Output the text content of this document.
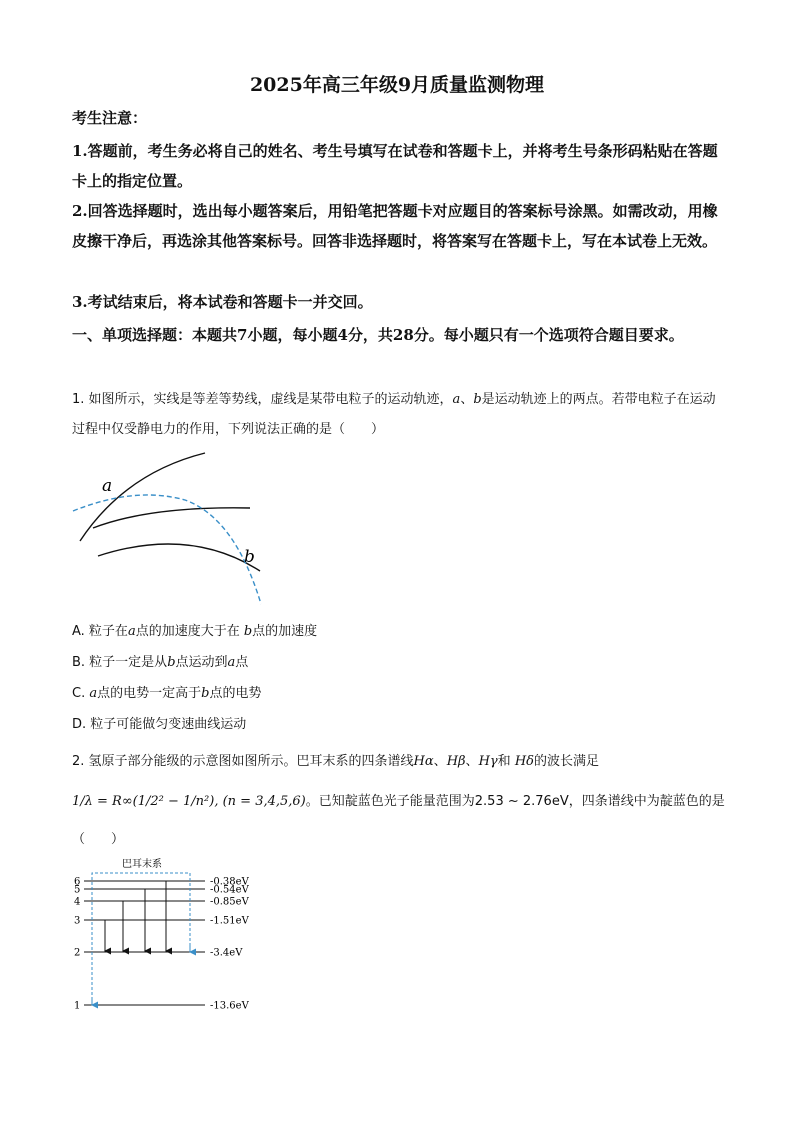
2025年高三年级9月质量监测物理
考生注意：
1.答题前，考生务必将自己的姓名、考生号填写在试卷和答题卡上，并将考生号条形码粘贴在答题卡上的指定位置。
2.回答选择题时，选出每小题答案后，用铅笔把答题卡对应题目的答案标号涂黑。如需改动，用橡皮擦干净后，再选涂其他答案标号。回答非选择题时，将答案写在答题卡上，写在本试卷上无效。
3.考试结束后，将本试卷和答题卡一并交回。
一、单项选择题：本题共7小题，每小题4分，共28分。每小题只有一个选项符合题目要求。
1. 如图所示，实线是等差等势线，虚线是某带电粒子的运动轨迹，a、b是运动轨迹上的两点。若带电粒子在运动过程中仅受静电力的作用，下列说法正确的是（　　）
a
b
A. 粒子在a点的加速度大于在 b点的加速度
B. 粒子一定是从b点运动到a点
C. a点的电势一定高于b点的电势
D. 粒子可能做匀变速曲线运动
2. 氢原子部分能级的示意图如图所示。巴耳末系的四条谱线Hα、Hβ、Hγ和 Hδ的波长满足
1/λ = R∞(1/2² − 1/n²), (n = 3,4,5,6)。已知靛蓝色光子能量范围为2.53 ~ 2.76eV，四条谱线中为靛蓝色的是
（　　）
巴耳末系
6	-0.38eV
5	-0.54eV
4	-0.85eV
3	-1.51eV
2	-3.4eV
1	-13.6eV
